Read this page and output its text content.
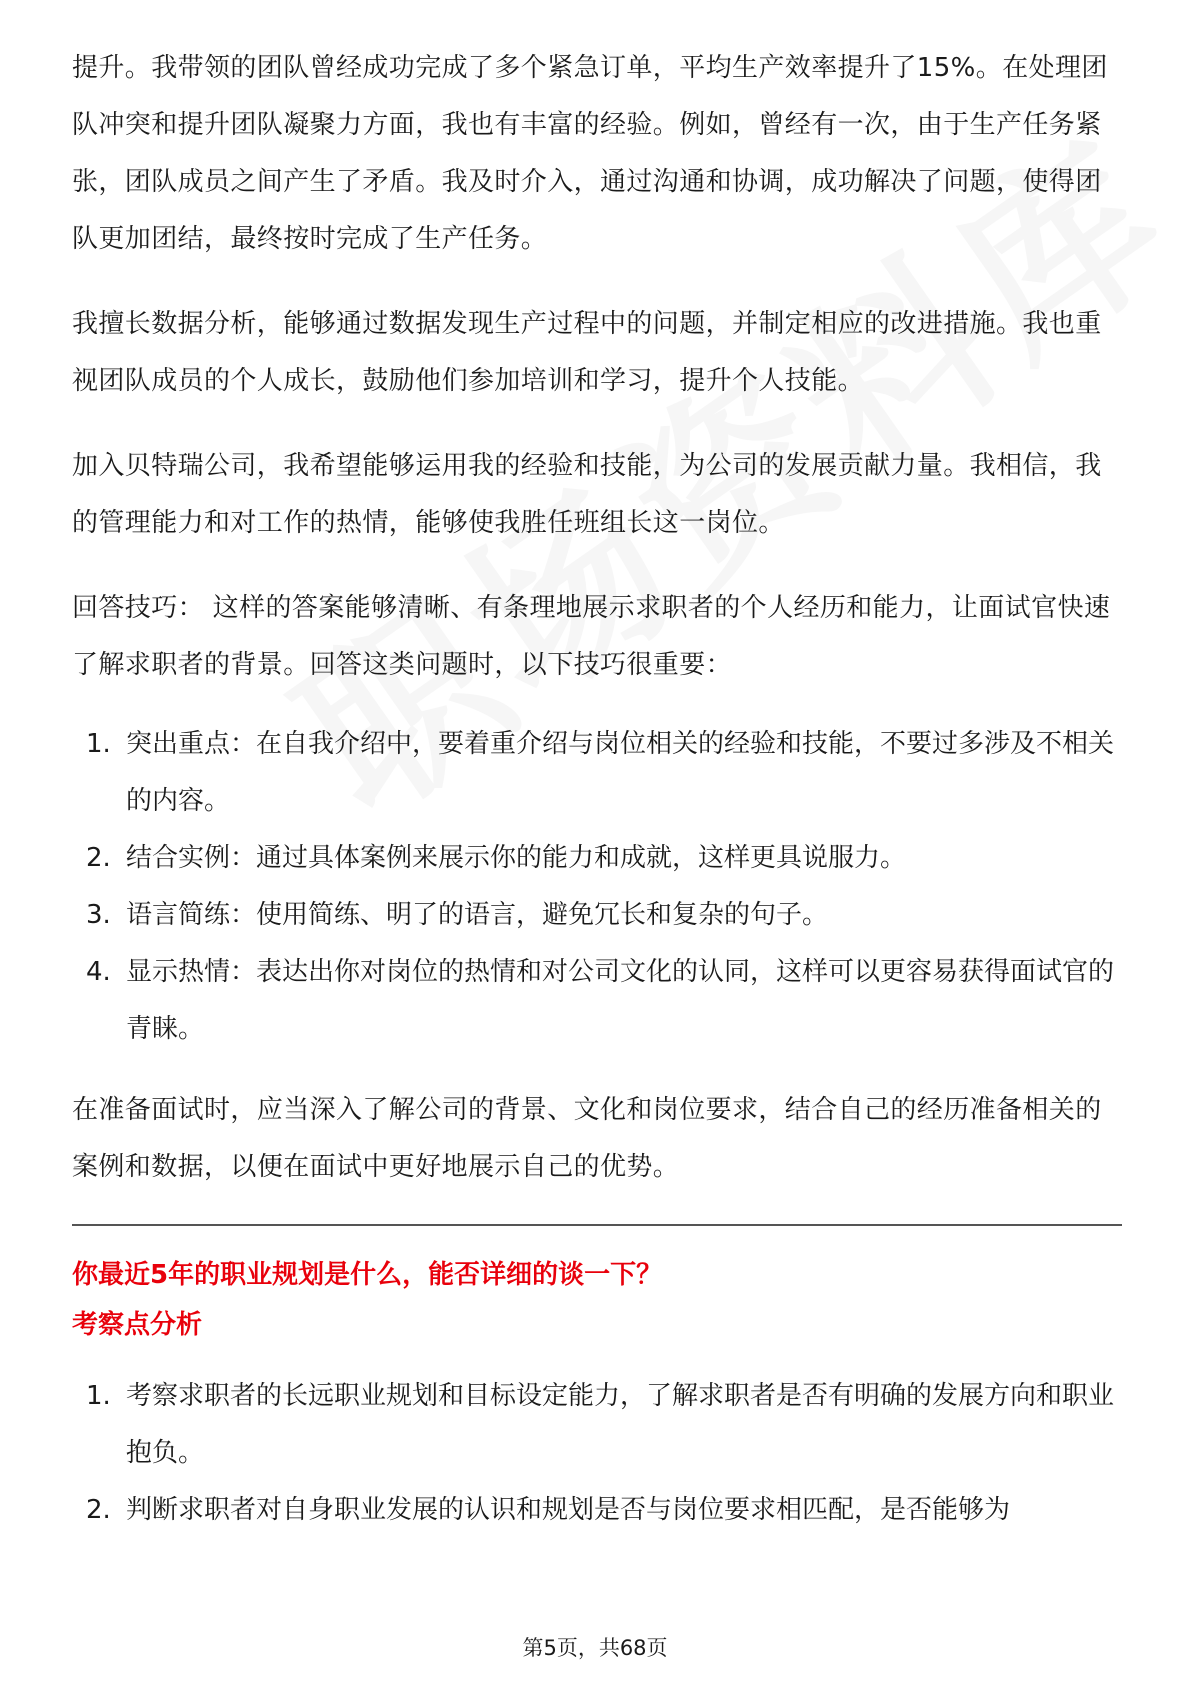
提升。我带领的团队曾经成功完成了多个紧急订单，平均生产效率提升了15%。在处理团队冲突和提升团队凝聚力方面，我也有丰富的经验。例如，曾经有一次，由于生产任务紧张，团队成员之间产生了矛盾。我及时介入，通过沟通和协调，成功解决了问题，使得团队更加团结，最终按时完成了生产任务。

我擅长数据分析，能够通过数据发现生产过程中的问题，并制定相应的改进措施。我也重视团队成员的个人成长，鼓励他们参加培训和学习，提升个人技能。

加入贝特瑞公司，我希望能够运用我的经验和技能，为公司的发展贡献力量。我相信，我的管理能力和对工作的热情，能够使我胜任班组长这一岗位。

回答技巧： 这样的答案能够清晰、有条理地展示求职者的个人经历和能力，让面试官快速了解求职者的背景。回答这类问题时，以下技巧很重要：

1. 突出重点：在自我介绍中，要着重介绍与岗位相关的经验和技能，不要过多涉及不相关的内容。
2. 结合实例：通过具体案例来展示你的能力和成就，这样更具说服力。
3. 语言简练：使用简练、明了的语言，避免冗长和复杂的句子。
4. 显示热情：表达出你对岗位的热情和对公司文化的认同，这样可以更容易获得面试官的青睐。

在准备面试时，应当深入了解公司的背景、文化和岗位要求，结合自己的经历准备相关的案例和数据，以便在面试中更好地展示自己的优势。

你最近5年的职业规划是什么，能否详细的谈一下？
考察点分析
1. 考察求职者的长远职业规划和目标设定能力，了解求职者是否有明确的发展方向和职业抱负。
2. 判断求职者对自身职业发展的认识和规划是否与岗位要求相匹配，是否能够为
第5页，共68页
